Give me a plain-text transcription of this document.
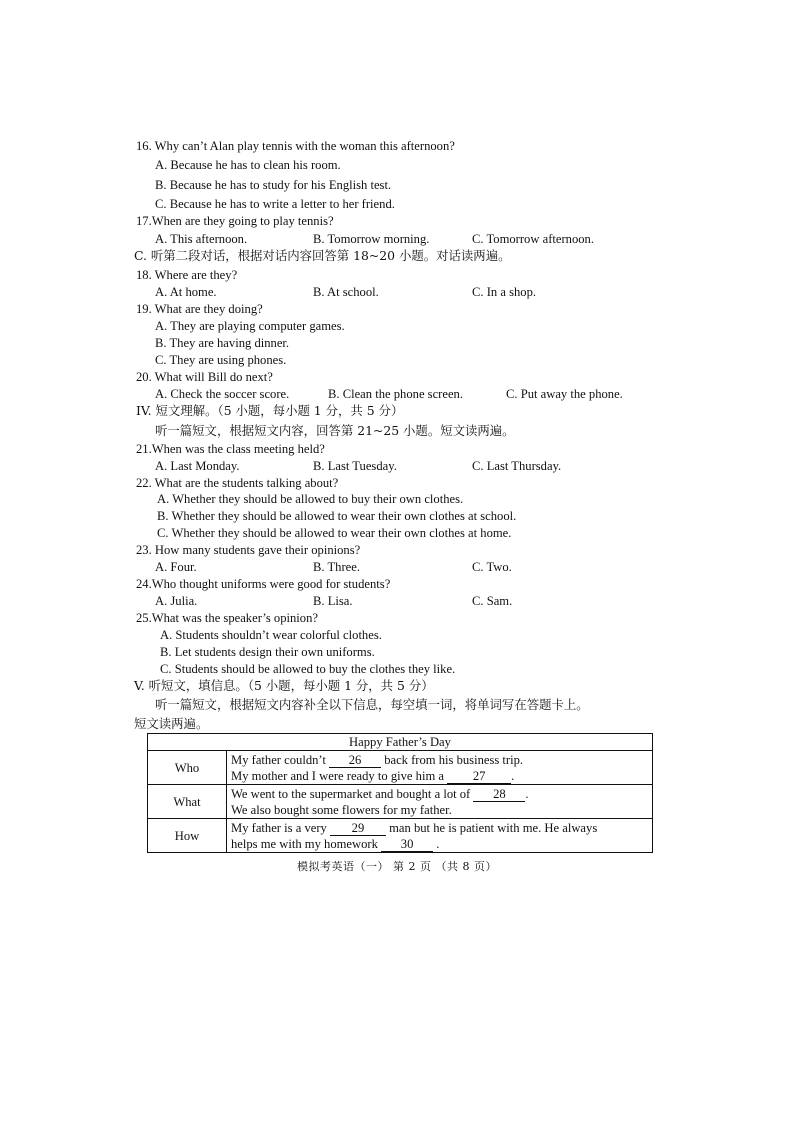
16. Why can’t Alan play tennis with the woman this afternoon?
A. Because he has to clean his room.
B. Because he has to study for his English test.
C. Because he has to write a letter to her friend.
17.When are they going to play tennis?
A. This afternoon.	B. Tomorrow morning.	C. Tomorrow afternoon.
C. 听第二段对话，根据对话内容回答第 18~20 小题。对话读两遍。
18. Where are they?
A. At home.	B. At school.	C. In a shop.
19. What are they doing?
A. They are playing computer games.
B. They are having dinner.
C. They are using phones.
20. What will Bill do next?
A. Check the soccer score.	B. Clean the phone screen.	C. Put away the phone.
IV. 短文理解。（5 小题，每小题 1 分，共 5 分）
听一篇短文，根据短文内容，回答第 21~25 小题。短文读两遍。
21.When was the class meeting held?
A. Last Monday.	B. Last Tuesday.	C. Last Thursday.
22. What are the students talking about?
A. Whether they should be allowed to buy their own clothes.
B. Whether they should be allowed to wear their own clothes at school.
C. Whether they should be allowed to wear their own clothes at home.
23. How many students gave their opinions?
A. Four.	B. Three.	C. Two.
24.Who thought uniforms were good for students?
A. Julia.	B. Lisa.	C. Sam.
25.What was the speaker’s opinion?
A. Students shouldn’t wear colorful clothes.
B. Let students design their own uniforms.
C. Students should be allowed to buy the clothes they like.
V. 听短文，填信息。（5 小题，每小题 1 分，共 5 分）
听一篇短文，根据短文内容补全以下信息，每空填一词，将单词写在答题卡上。
短文读两遍。
Happy Father’s Day	
Who	My father couldn’t 26 back from his business trip.
My mother and I were ready to give him a 27 .

What	We went to the supermarket and bought a lot of 28 .
We also bought some flowers for my father.

How	My father is a very 29 man but he is patient with me. He always
helps me with my homework 30 .
模拟考英语（一） 第 2 页 （共 8 页）
